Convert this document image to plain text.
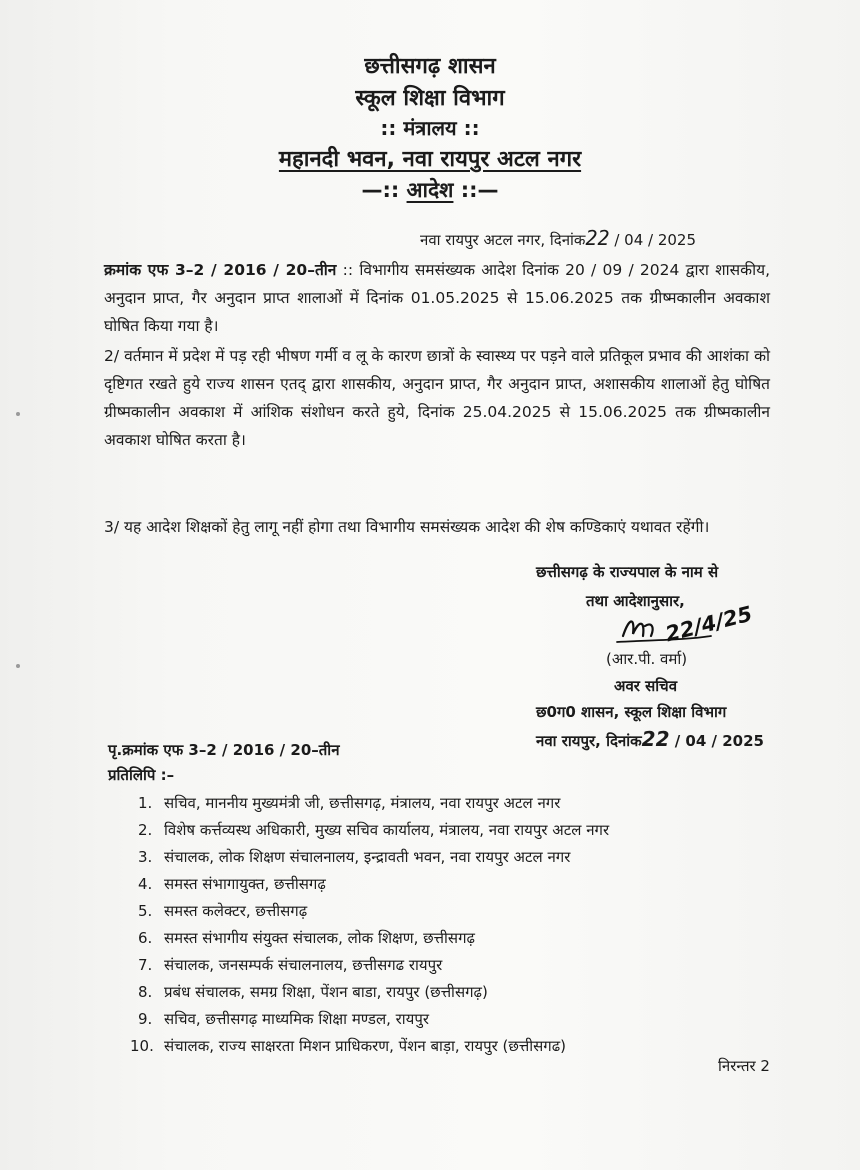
छत्तीसगढ़ शासन
स्कूल शिक्षा विभाग
:: मंत्रालय ::
महानदी भवन, नवा रायपुर अटल नगर
—:: आदेश ::—
नवा रायपुर अटल नगर, दिनांक22 / 04 / 2025
क्रमांक एफ 3–2 / 2016 / 20–तीन :: विभागीय समसंख्यक आदेश दिनांक 20 / 09 / 2024 द्वारा शासकीय, अनुदान प्राप्त, गैर अनुदान प्राप्त शालाओं में दिनांक 01.05.2025 से 15.06.2025 तक ग्रीष्मकालीन अवकाश घोषित किया गया है।
2/ वर्तमान में प्रदेश में पड़ रही भीषण गर्मी व लू के कारण छात्रों के स्वास्थ्य पर पड़ने वाले प्रतिकूल प्रभाव की आशंका को दृष्टिगत रखते हुये राज्य शासन एतद् द्वारा शासकीय, अनुदान प्राप्त, गैर अनुदान प्राप्त, अशासकीय शालाओं हेतु घोषित ग्रीष्मकालीन अवकाश में आंशिक संशोधन करते हुये, दिनांक 25.04.2025 से 15.06.2025 तक ग्रीष्मकालीन अवकाश घोषित करता है।
3/ यह आदेश शिक्षकों हेतु लागू नहीं होगा तथा विभागीय समसंख्यक आदेश की शेष कण्डिकाएं यथावत रहेंगी।
छत्तीसगढ़ के राज्यपाल के नाम से
तथा आदेशानुसार,
22/4/25
(आर.पी. वर्मा)
अवर सचिव
छ0ग0 शासन, स्कूल शिक्षा विभाग
नवा रायपुर, दिनांक22 / 04 / 2025
पृ.क्रमांक एफ 3–2 / 2016 / 20–तीन
प्रतिलिपि :–
1. सचिव, माननीय मुख्यमंत्री जी, छत्तीसगढ़, मंत्रालय, नवा रायपुर अटल नगर
2. विशेष कर्त्तव्यस्थ अधिकारी, मुख्य सचिव कार्यालय, मंत्रालय, नवा रायपुर अटल नगर
3. संचालक, लोक शिक्षण संचालनालय, इन्द्रावती भवन, नवा रायपुर अटल नगर
4. समस्त संभागायुक्त, छत्तीसगढ़
5. समस्त कलेक्टर, छत्तीसगढ़
6. समस्त संभागीय संयुक्त संचालक, लोक शिक्षण, छत्तीसगढ़
7. संचालक, जनसम्पर्क संचालनालय, छत्तीसगढ रायपुर
8. प्रबंध संचालक, समग्र शिक्षा, पेंशन बाडा, रायपुर (छत्तीसगढ़)
9. सचिव, छत्तीसगढ़ माध्यमिक शिक्षा मण्डल, रायपुर
10. संचालक, राज्य साक्षरता मिशन प्राधिकरण, पेंशन बाड़ा, रायपुर (छत्तीसगढ)
निरन्तर 2
